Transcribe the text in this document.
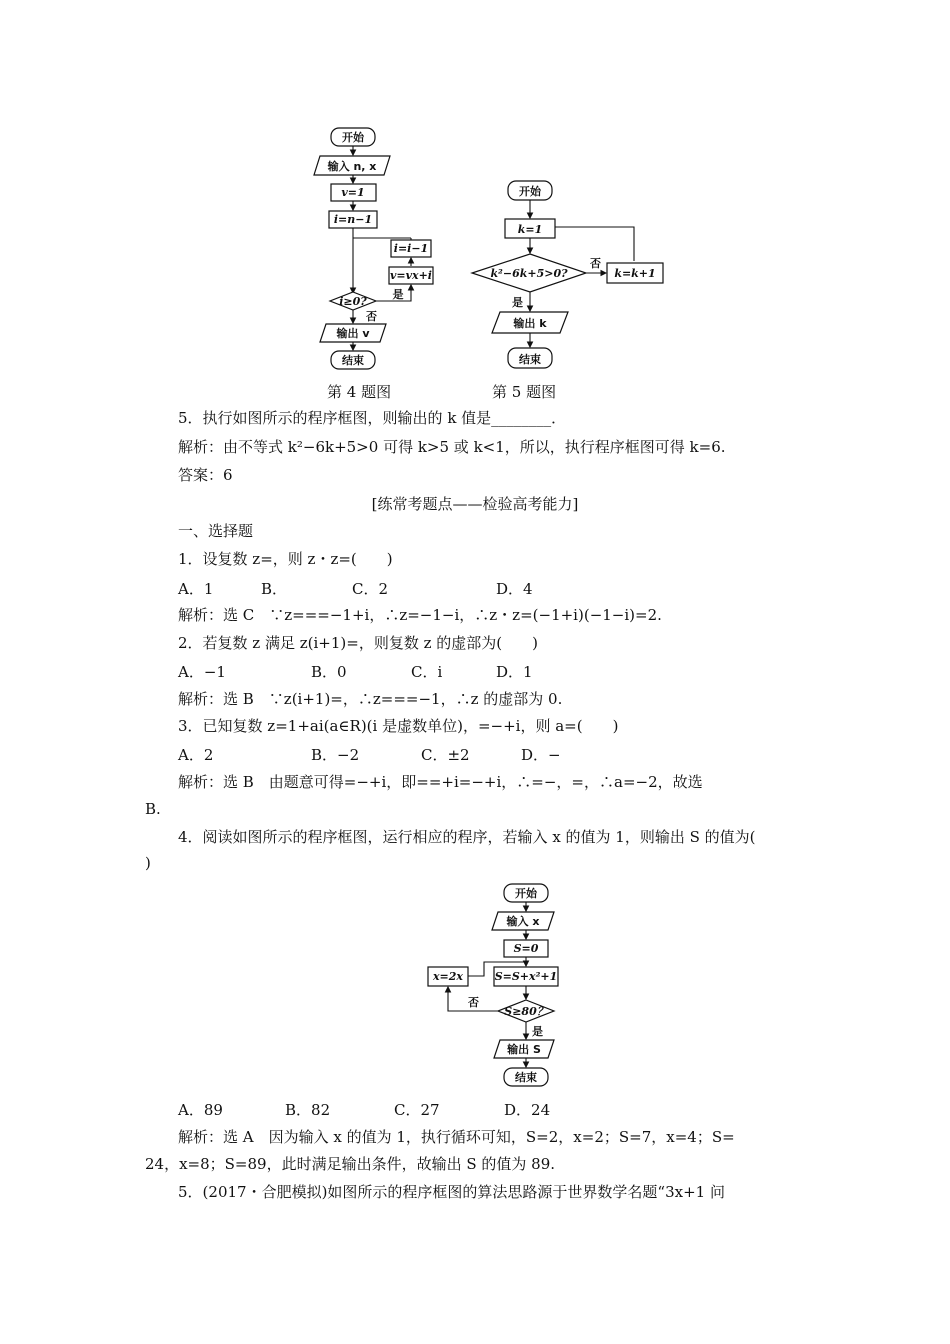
开始
输入 n, x
v=1
i=n−1
i=i−1
v=vx+i
是
i≥0?
否
输出 v
结束
开始
k=1
k²−6k+5>0?
否
k=k+1
是
输出 k
结束
第 4 题图	第 5 题图
5．执行如图所示的程序框图，则输出的 k 值是________．
解析：由不等式 k²−6k+5>0 可得 k>5 或 k<1，所以，执行程序框图可得 k=6.
答案：6
[练常考题点——检验高考能力]
一、选择题
1．设复数 z=，则 z・z=(　　)
A．1	B．	C．2	D．4
解析：选 C　∵z===−1+i，∴z=−1−i，∴z・z=(−1+i)(−1−i)=2.
2．若复数 z 满足 z(i+1)=，则复数 z 的虚部为(　　)
A．−1	B．0	C．i	D．1
解析：选 B　∵z(i+1)=，∴z===−1，∴z 的虚部为 0.
3．已知复数 z=1+ai(a∈R)(i 是虚数单位)，=−+i，则 a=(　　)
A．2	B．−2	C．±2	D．−
解析：选 B　由题意可得=−+i，即==+i=−+i，∴=−，=，∴a=−2，故选
B.
4．阅读如图所示的程序框图，运行相应的程序，若输入 x 的值为 1，则输出 S 的值为(
)
开始
输入 x
S=0
S=S+x²+1
x=2x
否
S≥80？
是
输出 S
结束
A．89	B．82	C．27	D．24
解析：选 A　因为输入 x 的值为 1，执行循环可知，S=2，x=2；S=7，x=4；S=
24，x=8；S=89，此时满足输出条件，故输出 S 的值为 89.
5．(2017・合肥模拟)如图所示的程序框图的算法思路源于世界数学名题“3x+1 问
